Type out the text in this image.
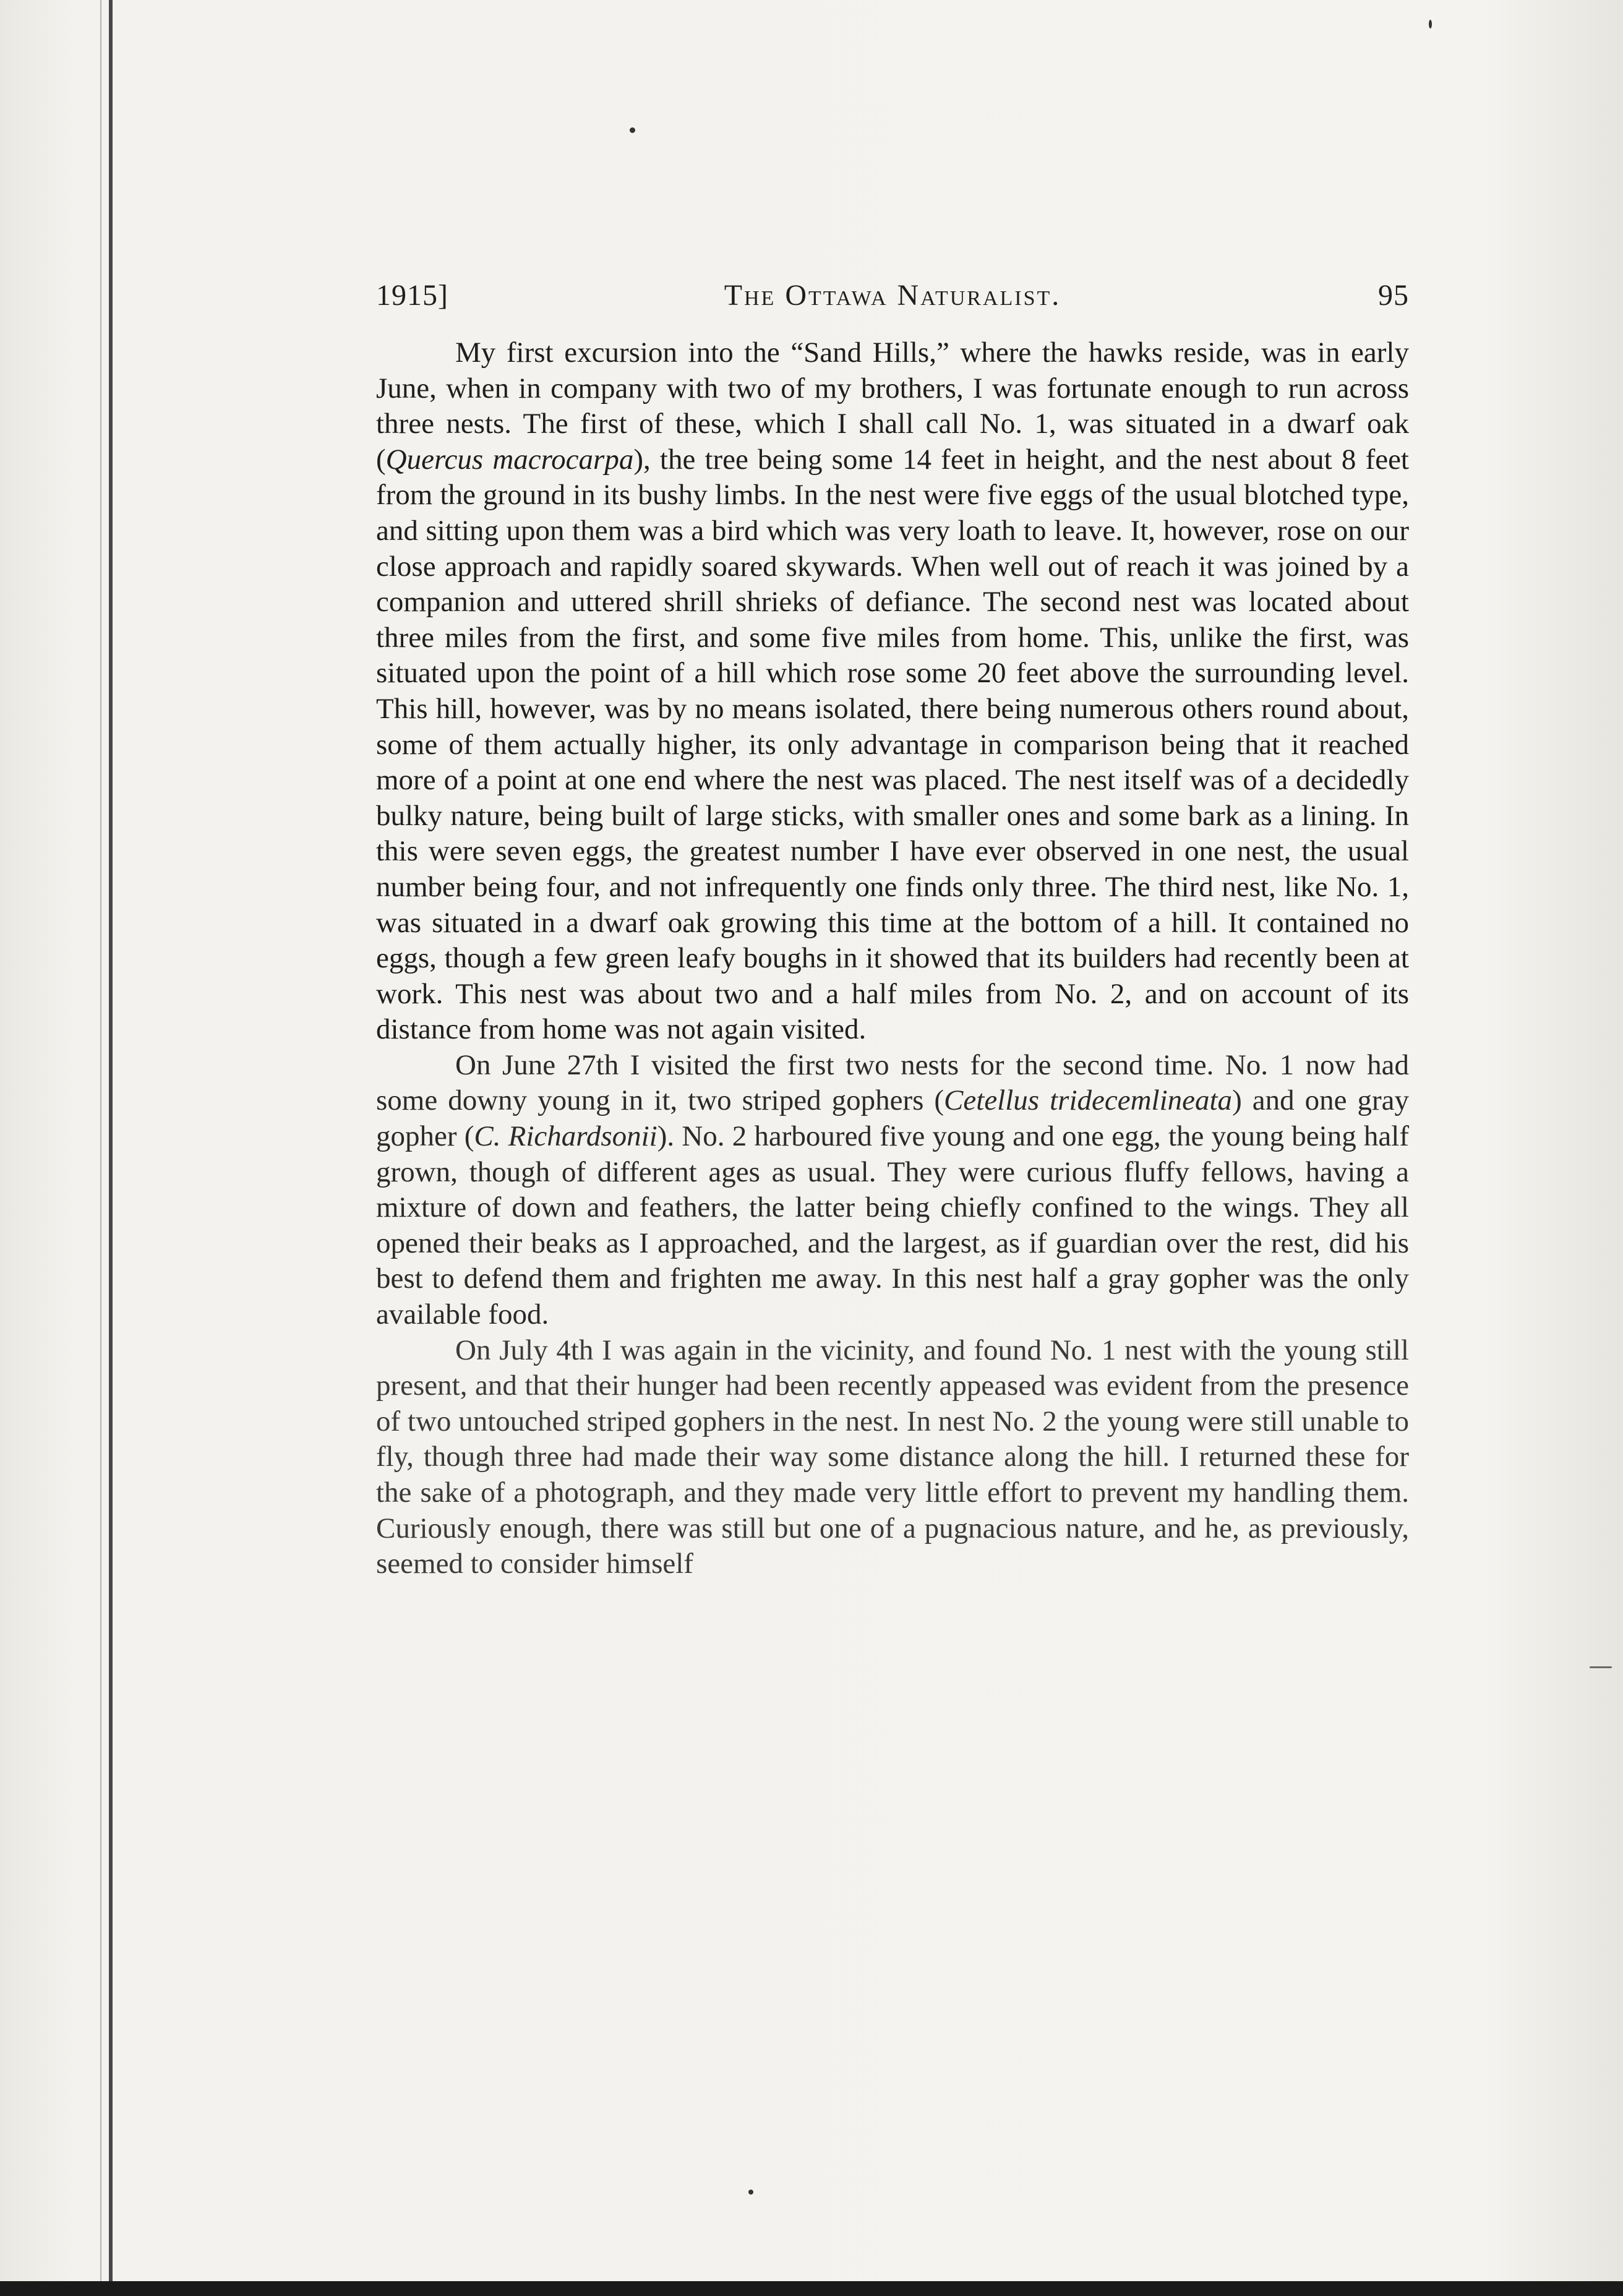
1915]	The Ottawa Naturalist.	95

My first excursion into the “Sand Hills,” where the hawks reside, was in early June, when in company with two of my brothers, I was fortunate enough to run across three nests. The first of these, which I shall call No. 1, was situated in a dwarf oak (Quercus macrocarpa), the tree being some 14 feet in height, and the nest about 8 feet from the ground in its bushy limbs. In the nest were five eggs of the usual blotched type, and sitting upon them was a bird which was very loath to leave. It, however, rose on our close approach and rapidly soared skywards. When well out of reach it was joined by a companion and uttered shrill shrieks of defiance. The second nest was located about three miles from the first, and some five miles from home. This, unlike the first, was situated upon the point of a hill which rose some 20 feet above the surrounding level. This hill, however, was by no means isolated, there being numerous others round about, some of them actually higher, its only advantage in comparison being that it reached more of a point at one end where the nest was placed. The nest itself was of a decidedly bulky nature, being built of large sticks, with smaller ones and some bark as a lining. In this were seven eggs, the greatest number I have ever observed in one nest, the usual number being four, and not infrequently one finds only three. The third nest, like No. 1, was situated in a dwarf oak growing this time at the bottom of a hill. It contained no eggs, though a few green leafy boughs in it showed that its builders had recently been at work. This nest was about two and a half miles from No. 2, and on account of its distance from home was not again visited.

On June 27th I visited the first two nests for the second time. No. 1 now had some downy young in it, two striped gophers (Cetellus tridecemlineata) and one gray gopher (C. Richardsonii). No. 2 harboured five young and one egg, the young being half grown, though of different ages as usual. They were curious fluffy fellows, having a mixture of down and feathers, the latter being chiefly confined to the wings. They all opened their beaks as I approached, and the largest, as if guardian over the rest, did his best to defend them and frighten me away. In this nest half a gray gopher was the only available food.

On July 4th I was again in the vicinity, and found No. 1 nest with the young still present, and that their hunger had been recently appeased was evident from the presence of two untouched striped gophers in the nest. In nest No. 2 the young were still unable to fly, though three had made their way some distance along the hill. I returned these for the sake of a photograph, and they made very little effort to prevent my handling them. Curiously enough, there was still but one of a pugnacious nature, and he, as previously, seemed to consider himself
